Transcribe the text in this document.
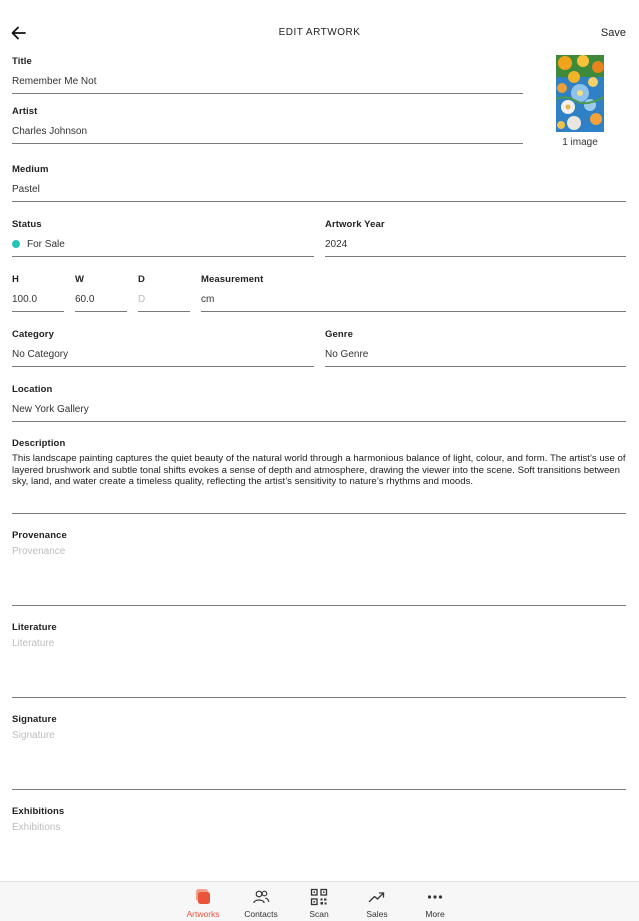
EDIT ARTWORK	Save
Title
Remember Me Not
Artist
Charles Johnson
1 image
Medium
Pastel
Status
For Sale
Artwork Year
2024
H
100.0
W
60.0
D
D
Measurement
cm
Category
No Category
Genre
No Genre
Location
New York Gallery
Description
This landscape painting captures the quiet beauty of the natural world through a harmonious balance of light, colour, and form. The artist’s use of layered brushwork and subtle tonal shifts evokes a sense of depth and atmosphere, drawing the viewer into the scene. Soft transitions between sky, land, and water create a timeless quality, reflecting the artist’s sensitivity to nature’s rhythms and moods.
Provenance
Provenance
Literature
Literature
Signature
Signature
Exhibitions
Exhibitions
Artworks	Contacts	Scan	Sales	More
